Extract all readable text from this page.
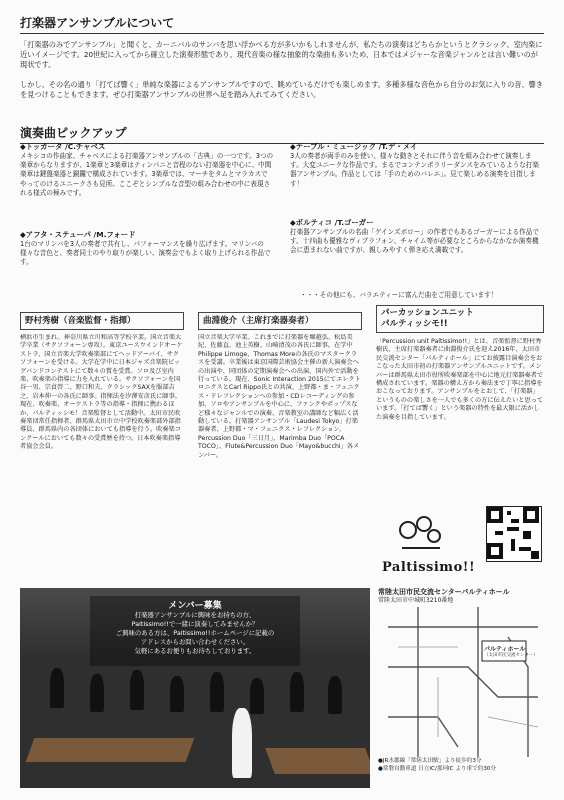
打楽器アンサンブルについて
「打楽器のみでアンサンブル」と聞くと、カーニバルのサンバを思い浮かべる方が多いかもしれませんが、私たちの演奏はどちらかというとクラシック、室内楽に近いイメージです。20世紀に入ってから確立した演奏形態であり、現代音楽の様な抽象的な楽曲も多いため、日本ではメジャーな音楽ジャンルとは言い難いのが現状です。
しかし、その名の通り「打てば響く」単純な楽器によるアンサンブルですので、眺めているだけでも楽しめます。多種多様な音色から自分のお気に入りの音、響きを見つけることもできます。ぜひ打楽器アンサンブルの世界へ足を踏み入れてみてください。
演奏曲ピックアップ
◆トッカータ /C.チャベス
メキシコの作曲家、チャベスによる打楽器アンサンブルの「古典」の一つです。3つの楽章からなりますが、1楽章と3楽章はティンパニと音程のない打楽器を中心に、中間楽章は鍵盤楽器と銅鑼で構成されています。3楽章では、マーチをタムとマラカスでやってのけるユニークさも見所。ここぞとシンプルな音型の組み合わせの中に表現される様式の極みです。
◆アフタ・ステューパ /M.フォード
1台のマリンバを3人の奏者で共有し、パフォーマンスを繰り広げます。マリンバの様々な音色と、奏者同士のやり取りが楽しい、演奏会でもよく取り上げられる作品です。
◆テーブル・ミュージック /T.デ・メイ
3人の奏者が両手のみを使い、様々な動きとそれに伴う音を組み合わせて演奏します。大変ユニークな作品です。まるでコンテンポラリーダンスをみているような打楽器アンサンブル。作品としては「手のためのバレエ」。見て楽しめる演奏を目指します！
◆ボルティコ /T.ゴーガー
打楽器アンサンブルの名曲「ゲインズボロー」の作者でもあるゴーガーによる作品です。十四曲も優雅なヴィブラフォン、チャイム等が必要なところからなかなか演奏機会に恵まれない曲ですが、親しみやすく弾き応え満載です。
・・・その他にも、バラエティーに富んだ曲をご用意しています！
野村秀樹（音楽監督・指揮）
横浜市生まれ。神奈川県立川和高等学校卒業。国立音楽大学卒業（サクソフォーン専攻）。東京ユースウインドオーケストラ、国立音楽大学吹奏楽部にてヘッドアーバイ、サクソフォーンを受ける。大学在学中に日本ジャズ音楽院ビッグバンドコンテストにて数々の賞を受賞。ソロ及び室内楽、吹奏楽の指導に力を入れている。サクソフォーンを国谷一男、宗貞啓二、野口和夫、クラシックSAXを服部吉之、岩本伸一の各氏に師事。指揮法を汐澤安彦氏に師事。現在、吹奏楽、オーケストラ等の指導・指揮に携わるほか、パルティッシモ！音楽監督として活動中。太田市民吹奏楽団常任指揮者、群馬県太田市立中学校吹奏楽部外部指導員、群馬県内の各団体においても指導を行う。吹奏楽コンクールにおいても数々の受賞歴を持つ。日本吹奏楽指導者協会会員。
曲淵俊介（主席打楽器奏者）
国立音楽大学卒業。これまでに打楽器を堀越弘、松島美紀、佐藤直、池上英樹、山崎清茂の各氏に師事。在学中Philippe Limoge、Thomas Moreの各氏のマスタークラスを受講。卒業後は東京国際芸術協会主催の新人演奏会への出演や、同団体の定期演奏会への出演、国内外で活動を行っている。現在、Sonic Interaction 2015にてエレクトロニクスとCarl Rippo氏との共演、上野都・ま・フェニクス・ドレフレクションへの参加・CDレコーディングの参加、ソロやアンサンブルを中心に、ファンクやポップスなど様々なジャンルでの演奏、音楽教室の講師など幅広く活動している。打楽器アンサンブル「Laudesi Tokyo」打楽器奏者、上野都・マ・フェニクス・レフレクション、Percussion Duo「三日月」、Marimba Duo「POCA TOCO」、Flute&Percussion Duo「Mayo&bucchi」各メンバー。
パーカッションユニット
パルティッシモ!!
「Percussion unit Paltissimo!!」とは、音楽監督に野村秀樹氏、主席打楽器奏者に曲淵俊介氏を迎え2016年、太田市民交流センター「パルティホール」にてお披露目演奏会をおこなった太田市初の打楽器アンサンブルユニットです。メンバーは群馬県太田市役所吹奏楽部を中心に地元打楽器奏者で構成されています。楽器の構え方から奏法まで丁寧に指導をおこなっております。アンサンブルをとおして、「打楽器」というものの楽しさを一人でも多くの方に伝えたいと思っています。「打てば響く」という楽器の特性を最大限に活かした演奏を目指しています。
Paltissimo!!
メンバー募集
打楽器アンサンブルに興味をお持ちの方、
Paltissimo!!で一緒に演奏してみませんか？
ご興味のある方は、Paltissimo!!ホームページに記載の
アドレスからお問い合わせください。
気軽にあるお便りもお待ちしております。
常陸太田市民交流センターパルティホール
常陸太田市中城町3210番地
パルティホール
（太田市民交流センター）
●JR水郡線「常陸太田駅」より徒歩約3分
●常磐自動車道 日立IC/那珂IC より車で約30分
